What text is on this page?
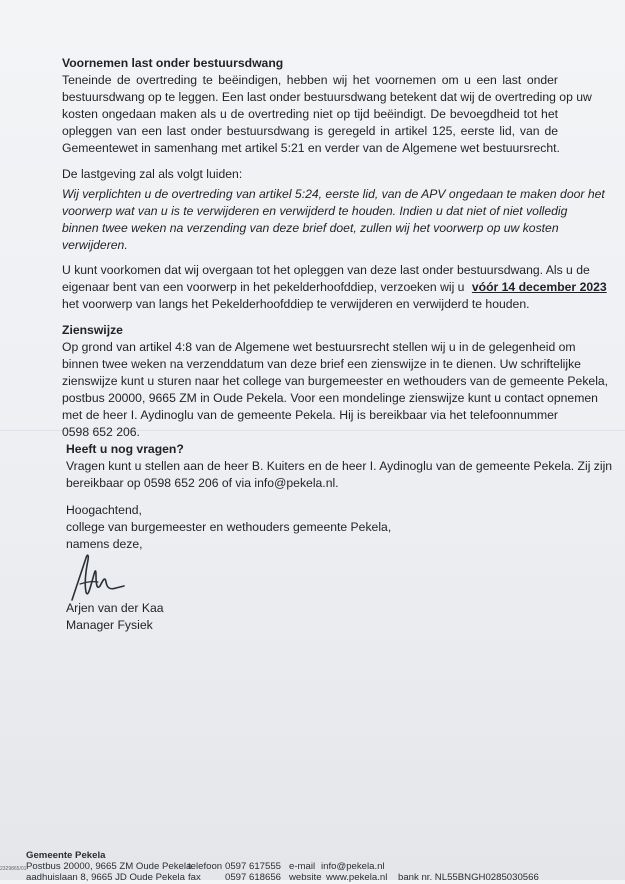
Voornemen last onder bestuursdwang
Teneinde de overtreding te beëindigen, hebben wij het voornemen om u een last onder
bestuursdwang op te leggen. Een last onder bestuursdwang betekent dat wij de overtreding op uw
kosten ongedaan maken als u de overtreding niet op tijd beëindigt. De bevoegdheid tot het
opleggen van een last onder bestuursdwang is geregeld in artikel 125, eerste lid, van de
Gemeentewet in samenhang met artikel 5:21 en verder van de Algemene wet bestuursrecht.
De lastgeving zal als volgt luiden:
Wij verplichten u de overtreding van artikel 5:24, eerste lid, van de APV ongedaan te maken door het
voorwerp wat van u is te verwijderen en verwijderd te houden. Indien u dat niet of niet volledig
binnen twee weken na verzending van deze brief doet, zullen wij het voorwerp op uw kosten
verwijderen.
U kunt voorkomen dat wij overgaan tot het opleggen van deze last onder bestuursdwang. Als u de
eigenaar bent van een voorwerp in het pekelderhoofddiep, verzoeken wij u vóór 14 december 2023
het voorwerp van langs het Pekelderhoofddiep te verwijderen en verwijderd te houden.
Zienswijze
Op grond van artikel 4:8 van de Algemene wet bestuursrecht stellen wij u in de gelegenheid om
binnen twee weken na verzenddatum van deze brief een zienswijze in te dienen. Uw schriftelijke
zienswijze kunt u sturen naar het college van burgemeester en wethouders van de gemeente Pekela,
postbus 20000, 9665 ZM in Oude Pekela. Voor een mondelinge zienswijze kunt u contact opnemen
met de heer I. Aydinoglu van de gemeente Pekela. Hij is bereikbaar via het telefoonnummer
0598 652 206.
Heeft u nog vragen?
Vragen kunt u stellen aan de heer B. Kuiters en de heer I. Aydinoglu van de gemeente Pekela. Zij zijn
bereikbaar op 0598 652 206 of via info@pekela.nl.
Hoogachtend,
college van burgemeester en wethouders gemeente Pekela,
namens deze,
Arjen van der Kaa
Manager Fysiek
2329865/01
Gemeente Pekela
Postbus 20000, 9665 ZM Oude Pekela
aadhuislaan 8, 9665 JD Oude Pekela
telefoon 0597 617555
fax	0597 618656
e-mail info@pekela.nl
website www.pekela.nl bank nr. NL55BNGH0285030566
